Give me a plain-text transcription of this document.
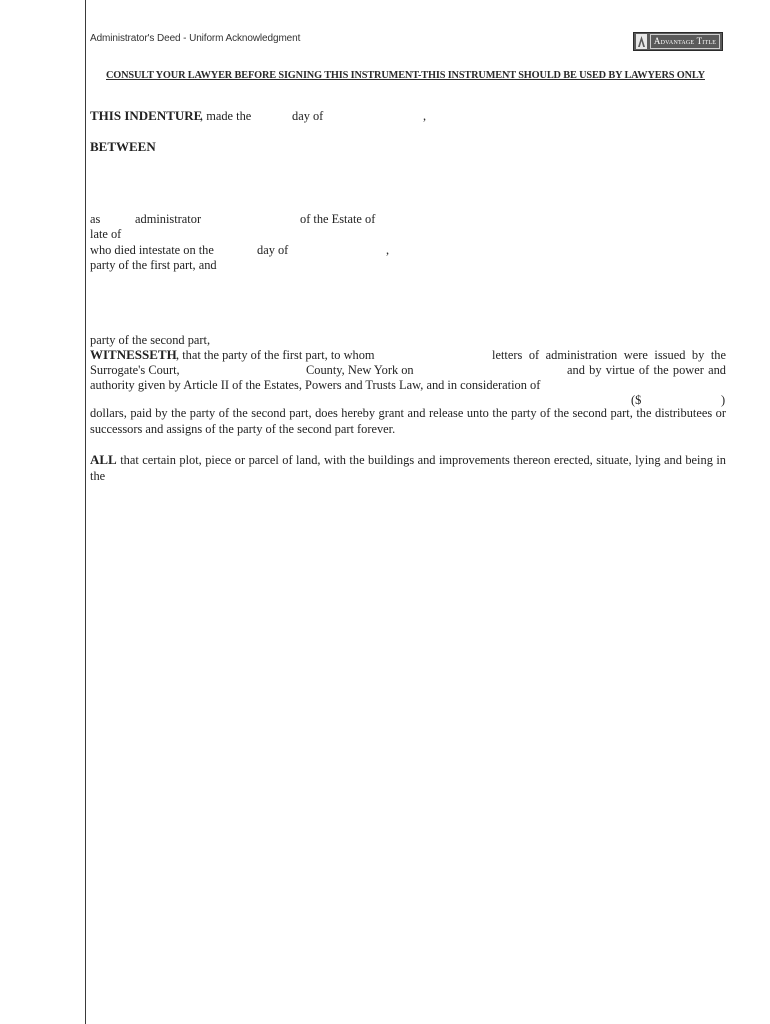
Administrator's Deed - Uniform Acknowledgment	Advantage Title
CONSULT YOUR LAWYER BEFORE SIGNING THIS INSTRUMENT-THIS INSTRUMENT SHOULD BE USED BY LAWYERS ONLY
THIS INDENTURE
, made the	day of	,
BETWEEN
as	administrator	of the Estate of
late of
who died intestate on the	day of	,
party of the first part, and
party of the second part,
WITNESSETH , that the party of the first part, to whom	letters of administration were issued by the
Surrogate's Court,	County, New York on	and by virtue of the power and
authority given by Article II of the Estates, Powers and Trusts Law, and in consideration of
($	)
dollars, paid by the party of the second part, does hereby grant and release unto the party of the second part, the distributees or successors and assigns of the party of the second part forever.
ALL that certain plot, piece or parcel of land, with the buildings and improvements thereon erected, situate, lying and being in the
